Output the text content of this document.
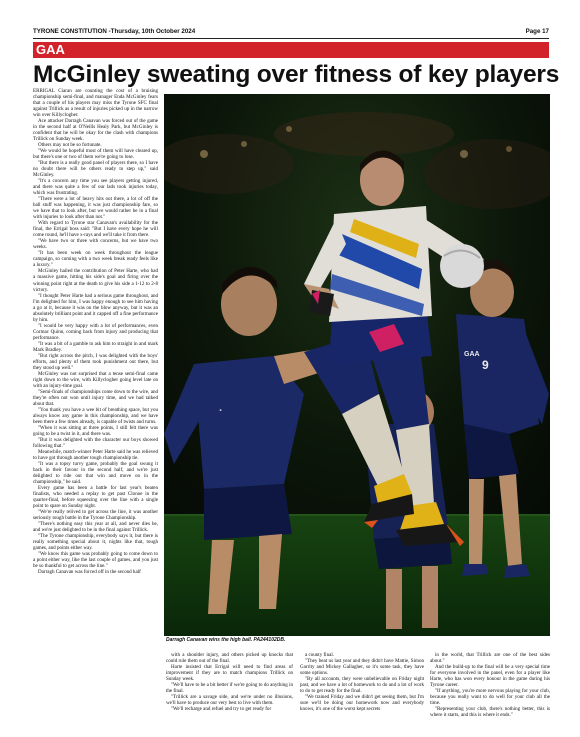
TYRONE CONSTITUTION -Thursday, 10th October 2024	Page 17
GAA
McGinley sweating over fitness of key players

ERRIGAL Ciaran are counting the cost of a bruising championship semi-final, and manager Enda McGinley fears that a couple of his players may miss the Tyrone SFC final against Trillick as a result of injuries picked up in the narrow win over Killyclogher.

Ace attacker Darragh Canavan was forced out of the game in the second half at O'Neills Healy Park, but McGinley is confident that he will be okay for the clash with champions Trillick on Sunday week.

Others may not be so fortunate.

"We would be hopeful most of them will have cleared up, but there's one or two of them we're going to lose.

"But there is a really good panel of players there, so I have no doubt there will be others ready to step up," said McGinley.

"It's a concern any time you see players getting injured, and there was quite a few of our lads took injuries today, which was frustrating.

"There were a lot of heavy hits out there, a lot of off the ball stuff was happening, it was just championship fare, so we have that to look after, but we would rather be in a final with injuries to look after than not."

With regard to Tyrone star Canavan's availability for the final, the Errigal boss said: "But I have every hope he will come round, he'll have x-rays and we'll take it from there.

"We have two or three with concerns, but we have two weeks.

"It has been week on week throughout the league campaign, so coming with a two week break ready feels like a luxury."

McGinley hailed the contribution of Peter Harte, who had a massive game, hitting his side's goal and firing over the winning point right at the death to give his side a 1-12 to 2-8 victory.

"I thought Peter Harte had a serious game throughout, and I'm delighted for him, I was happy enough to see him having a go at it, because it was on the blow anyway, but it was an absolutely brilliant point and it capped off a fine performance by him.

"I would be very happy with a lot of performances, even Cormac Quinn, coming back from injury and producing that performance.

"It was a bit of a gamble to ask him to straight in and mark Mark Bradley.

"But right across the pitch, I was delighted with the boys' efforts, and plenty of them took punishment out there, but they stood up well."

McGinley was not surprised that a tense semi-final came right down to the wire, with Killyclogher going level late on with an injury-time goal.

"Semi-finals of championships come down to the wire, and they're often not won until injury time, and we had talked about that.

"You thank you have a wee bit of breathing space, but you always know any game in this championship, and we have been there a few times already, is capable of twists and turns.

"When it was sitting at three points, I still felt there was going to be a twist in it, and there was.

"But it was delighted with the character our boys showed following that."

Meanwhile, match-winner Peter Harte said he was relieved to have got through another tough championship tie.

"It was a topsy turvy game, probably the goal swung it back in their favour in the second half, and we're just delighted to ride out that win and move on in the championship," he said.

Every game has been a battle for last year's beaten finalists, who needed a replay to get past Clonoe in the quarter-final, before squeezing over the line with a single point to spare on Sunday night.

"We're really relived to get across the line, it was another seriously tough battle in the Tyrone Championship.

"There's nothing easy this year at all, and never dies he, and we're just delighted to be in the final against Trillick.

"The Tyrone championship, everybody says it, but there is really something special about it, nights like that, tough games, and points either way.

"We know this game was probably going to come down to a point either way, like the last couple of games, and you just be so thankful to get across the line."

Darragh Canavan was forced off in the second half

9
GAA
·
Darragh Canavan wins the high ball. PA244102DB.

with a shoulder injury, and others picked up knocks that could rule them out of the final.

Harte insisted that Errigal will need to find areas of improvement if they are to match champions Trillick on Sunday week.

"We'll have to be a bit better if we're going to do anything in the final.

"Trillick are a savage side, and we're under no illusions, we'll have to produce our very best to live with them.

"We'll recharge and refuel and try to get ready for

a county final.

"They beat us last year and they didn't have Mattie, Simon Garrity and Mickey Gallagher, so it's some task, they have some options.

"By all accounts, they were unbelievable on Friday night past, and we have a lot of homework to do and a lot of work to do to get ready for the final.

"We trained Friday and we didn't get seeing them, but I'm sure we'll be doing our homework now and everybody knows, it's one of the worst kept secrets

in the world, that Trillick are one of the best sides about."

And the build-up to the final will be a very special time for everyone involved in the panel, even for a player like Harte, who has won every honour in the game during his Tyrone career.

"If anything, you're more nervous playing for your club, because you really want to do well for your club all the time.

"Representing your club, there's nothing better, this is where it starts, and this is where it ends."
